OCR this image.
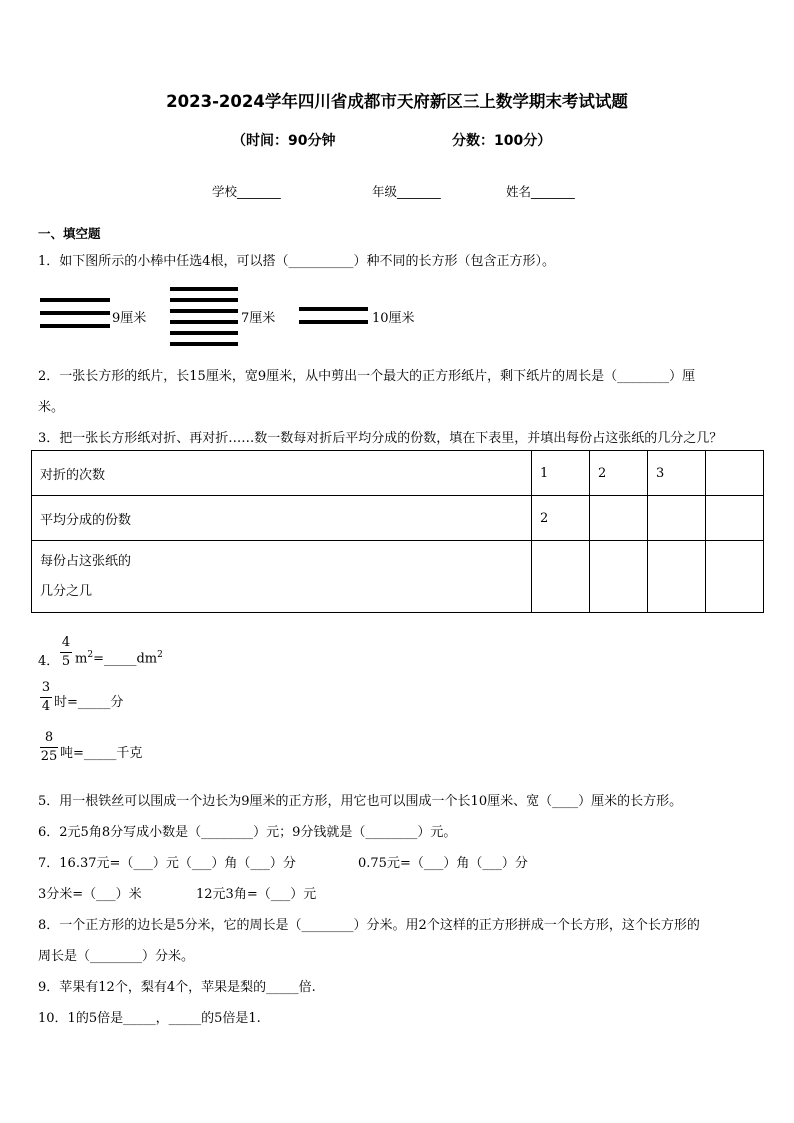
2023-2024学年四川省成都市天府新区三上数学期末考试试题
（时间：90分钟	分数：100分）
学校_______	年级_______	姓名_______
一、填空题
1．如下图所示的小棒中任选4根，可以搭（__________）种不同的长方形（包含正方形）。
9厘米	7厘米	10厘米
2．一张长方形的纸片，长15厘米，宽9厘米，从中剪出一个最大的正方形纸片，剩下纸片的周长是（________）厘
米。
3．把一张长方形纸对折、再对折……数一数每对折后平均分成的份数，填在下表里，并填出每份占这张纸的几分之几？
对折的次数	1	2	3	
平均分成的份数	2			

每份占这张纸的
几分之几				

4．
4
5 $m^2=\_\_\_\_\_dm^2$
3
4 时=_____分
8
25 吨=_____千克
5．用一根铁丝可以围成一个边长为9厘米的正方形，用它也可以围成一个长10厘米、宽（____）厘米的长方形。
6．2元5角8分写成小数是（________）元；9分钱就是（________）元。
7．16.37元=（___）元（___）角（___）分	0.75元=（___）角（___）分
3分米=（___）米	12元3角=（___）元
8．一个正方形的边长是5分米，它的周长是（________）分米。用2个这样的正方形拼成一个长方形，这个长方形的
周长是（________）分米。
9．苹果有12个，梨有4个，苹果是梨的_____倍.
10．1的5倍是_____，_____的5倍是1.
